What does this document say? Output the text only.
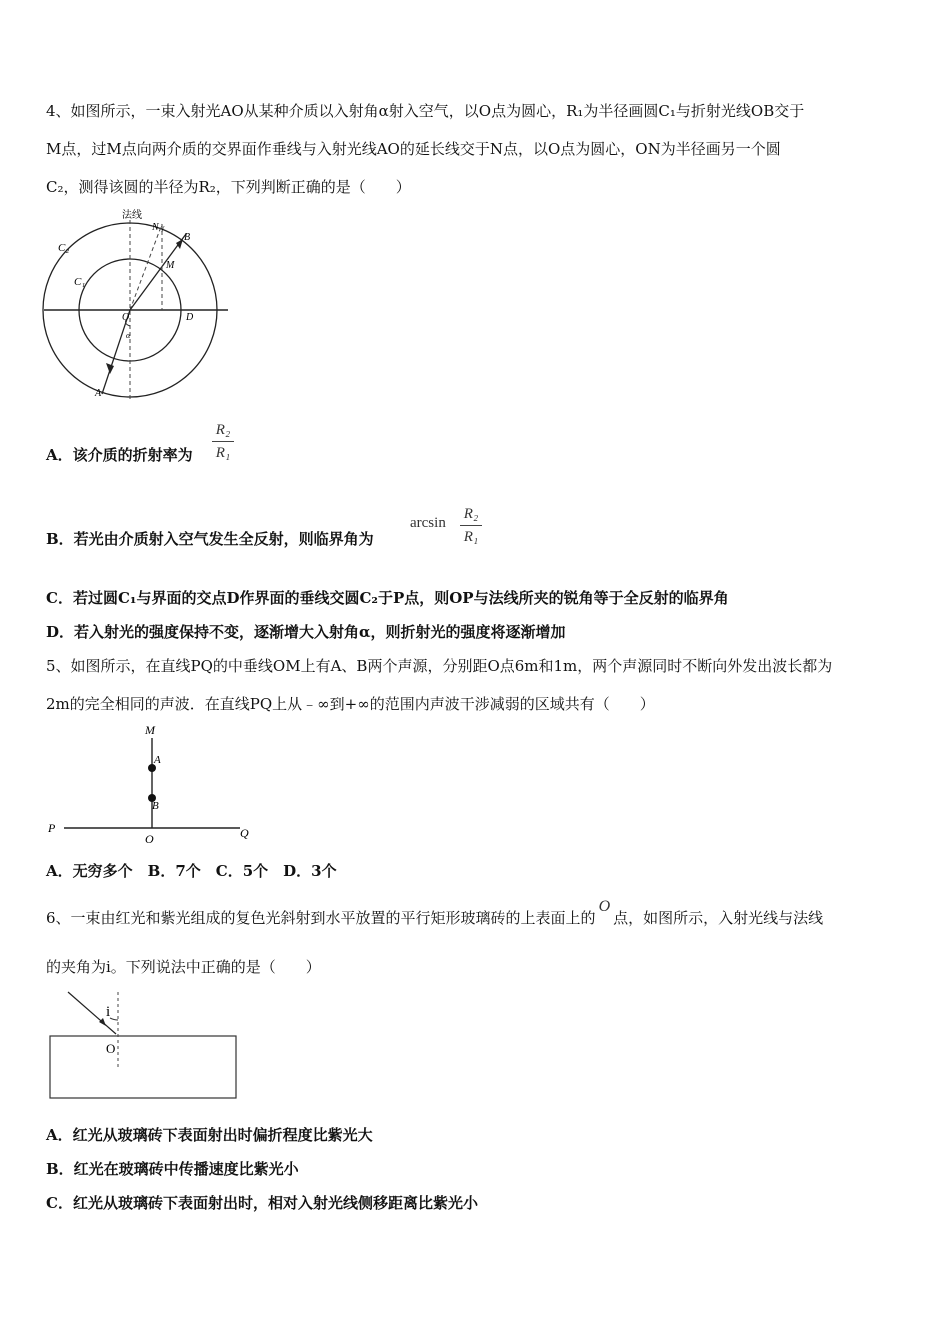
4、如图所示，一束入射光AO从某种介质以入射角α射入空气，以O点为圆心，R₁为半径画圆C₁与折射光线OB交于
M点，过M点向两介质的交界面作垂线与入射光线AO的延长线交于N点，以O点为圆心，ON为半径画另一个圆
C₂，测得该圆的半径为R₂，下列判断正确的是（　　）
法线
C₂
C₁
N γ
B
M
O	D
α
A
A．该介质的折射率为
R₂
R₁
B．若光由介质射入空气发生全反射，则临界角为
arcsin
R₂
R₁
C．若过圆C₁与界面的交点D作界面的垂线交圆C₂于P点，则OP与法线所夹的锐角等于全反射的临界角
D．若入射光的强度保持不变，逐渐增大入射角α，则折射光的强度将逐渐增加
5、如图所示，在直线PQ的中垂线OM上有A、B两个声源，分别距O点6m和1m，两个声源同时不断向外发出波长都为
2m的完全相同的声波．在直线PQ上从﹣∞到+∞的范围内声波干涉减弱的区域共有（　　）
M
A
B
P
O	Q
A．无穷多个　B．7个　C．5个　D．3个
6、一束由红光和紫光组成的复色光斜射到水平放置的平行矩形玻璃砖的上表面上的O点，如图所示，入射光线与法线
的夹角为i。下列说法中正确的是（　　）
i
O
A．红光从玻璃砖下表面射出时偏折程度比紫光大
B．红光在玻璃砖中传播速度比紫光小
C．红光从玻璃砖下表面射出时，相对入射光线侧移距离比紫光小
